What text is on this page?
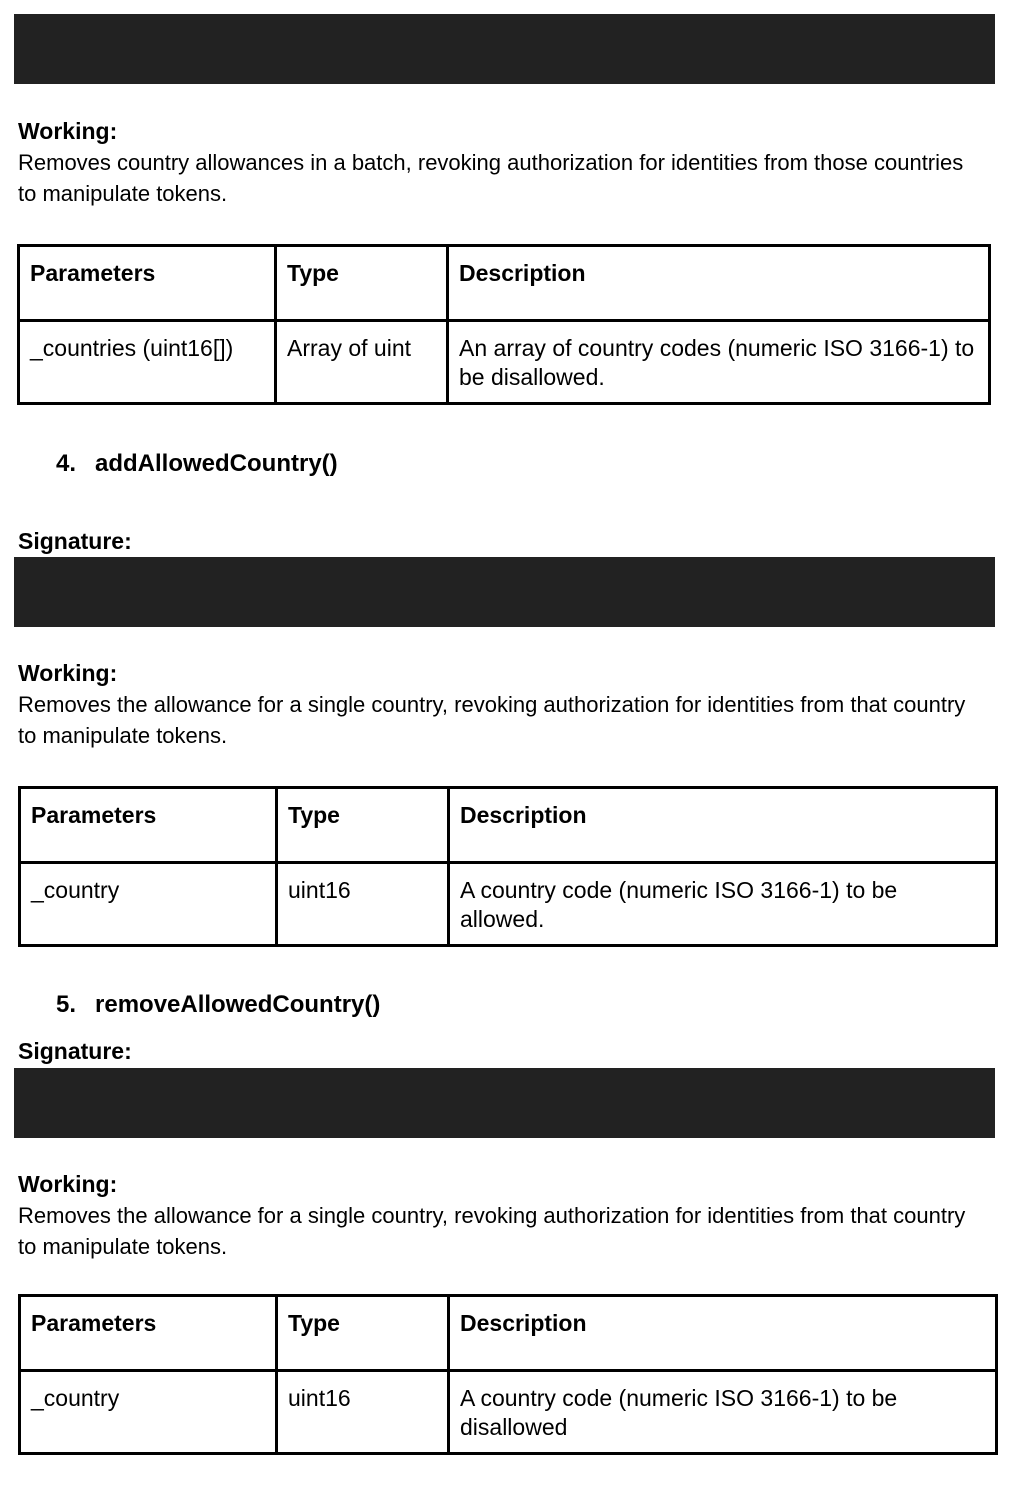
Working:
Removes country allowances in a batch, revoking authorization for identities from those countries to manipulate tokens.
Parameters	Type	Description
_countries (uint16[])	Array of uint	An array of country codes (numeric ISO 3166-1) to be disallowed.
4. addAllowedCountry()
Signature:

Working:
Removes the allowance for a single country, revoking authorization for identities from that country to manipulate tokens.
Parameters	Type	Description
_country	uint16	A country code (numeric ISO 3166-1) to be allowed.
5. removeAllowedCountry()
Signature:

Working:
Removes the allowance for a single country, revoking authorization for identities from that country to manipulate tokens.
Parameters	Type	Description
_country	uint16	A country code (numeric ISO 3166-1) to be disallowed
